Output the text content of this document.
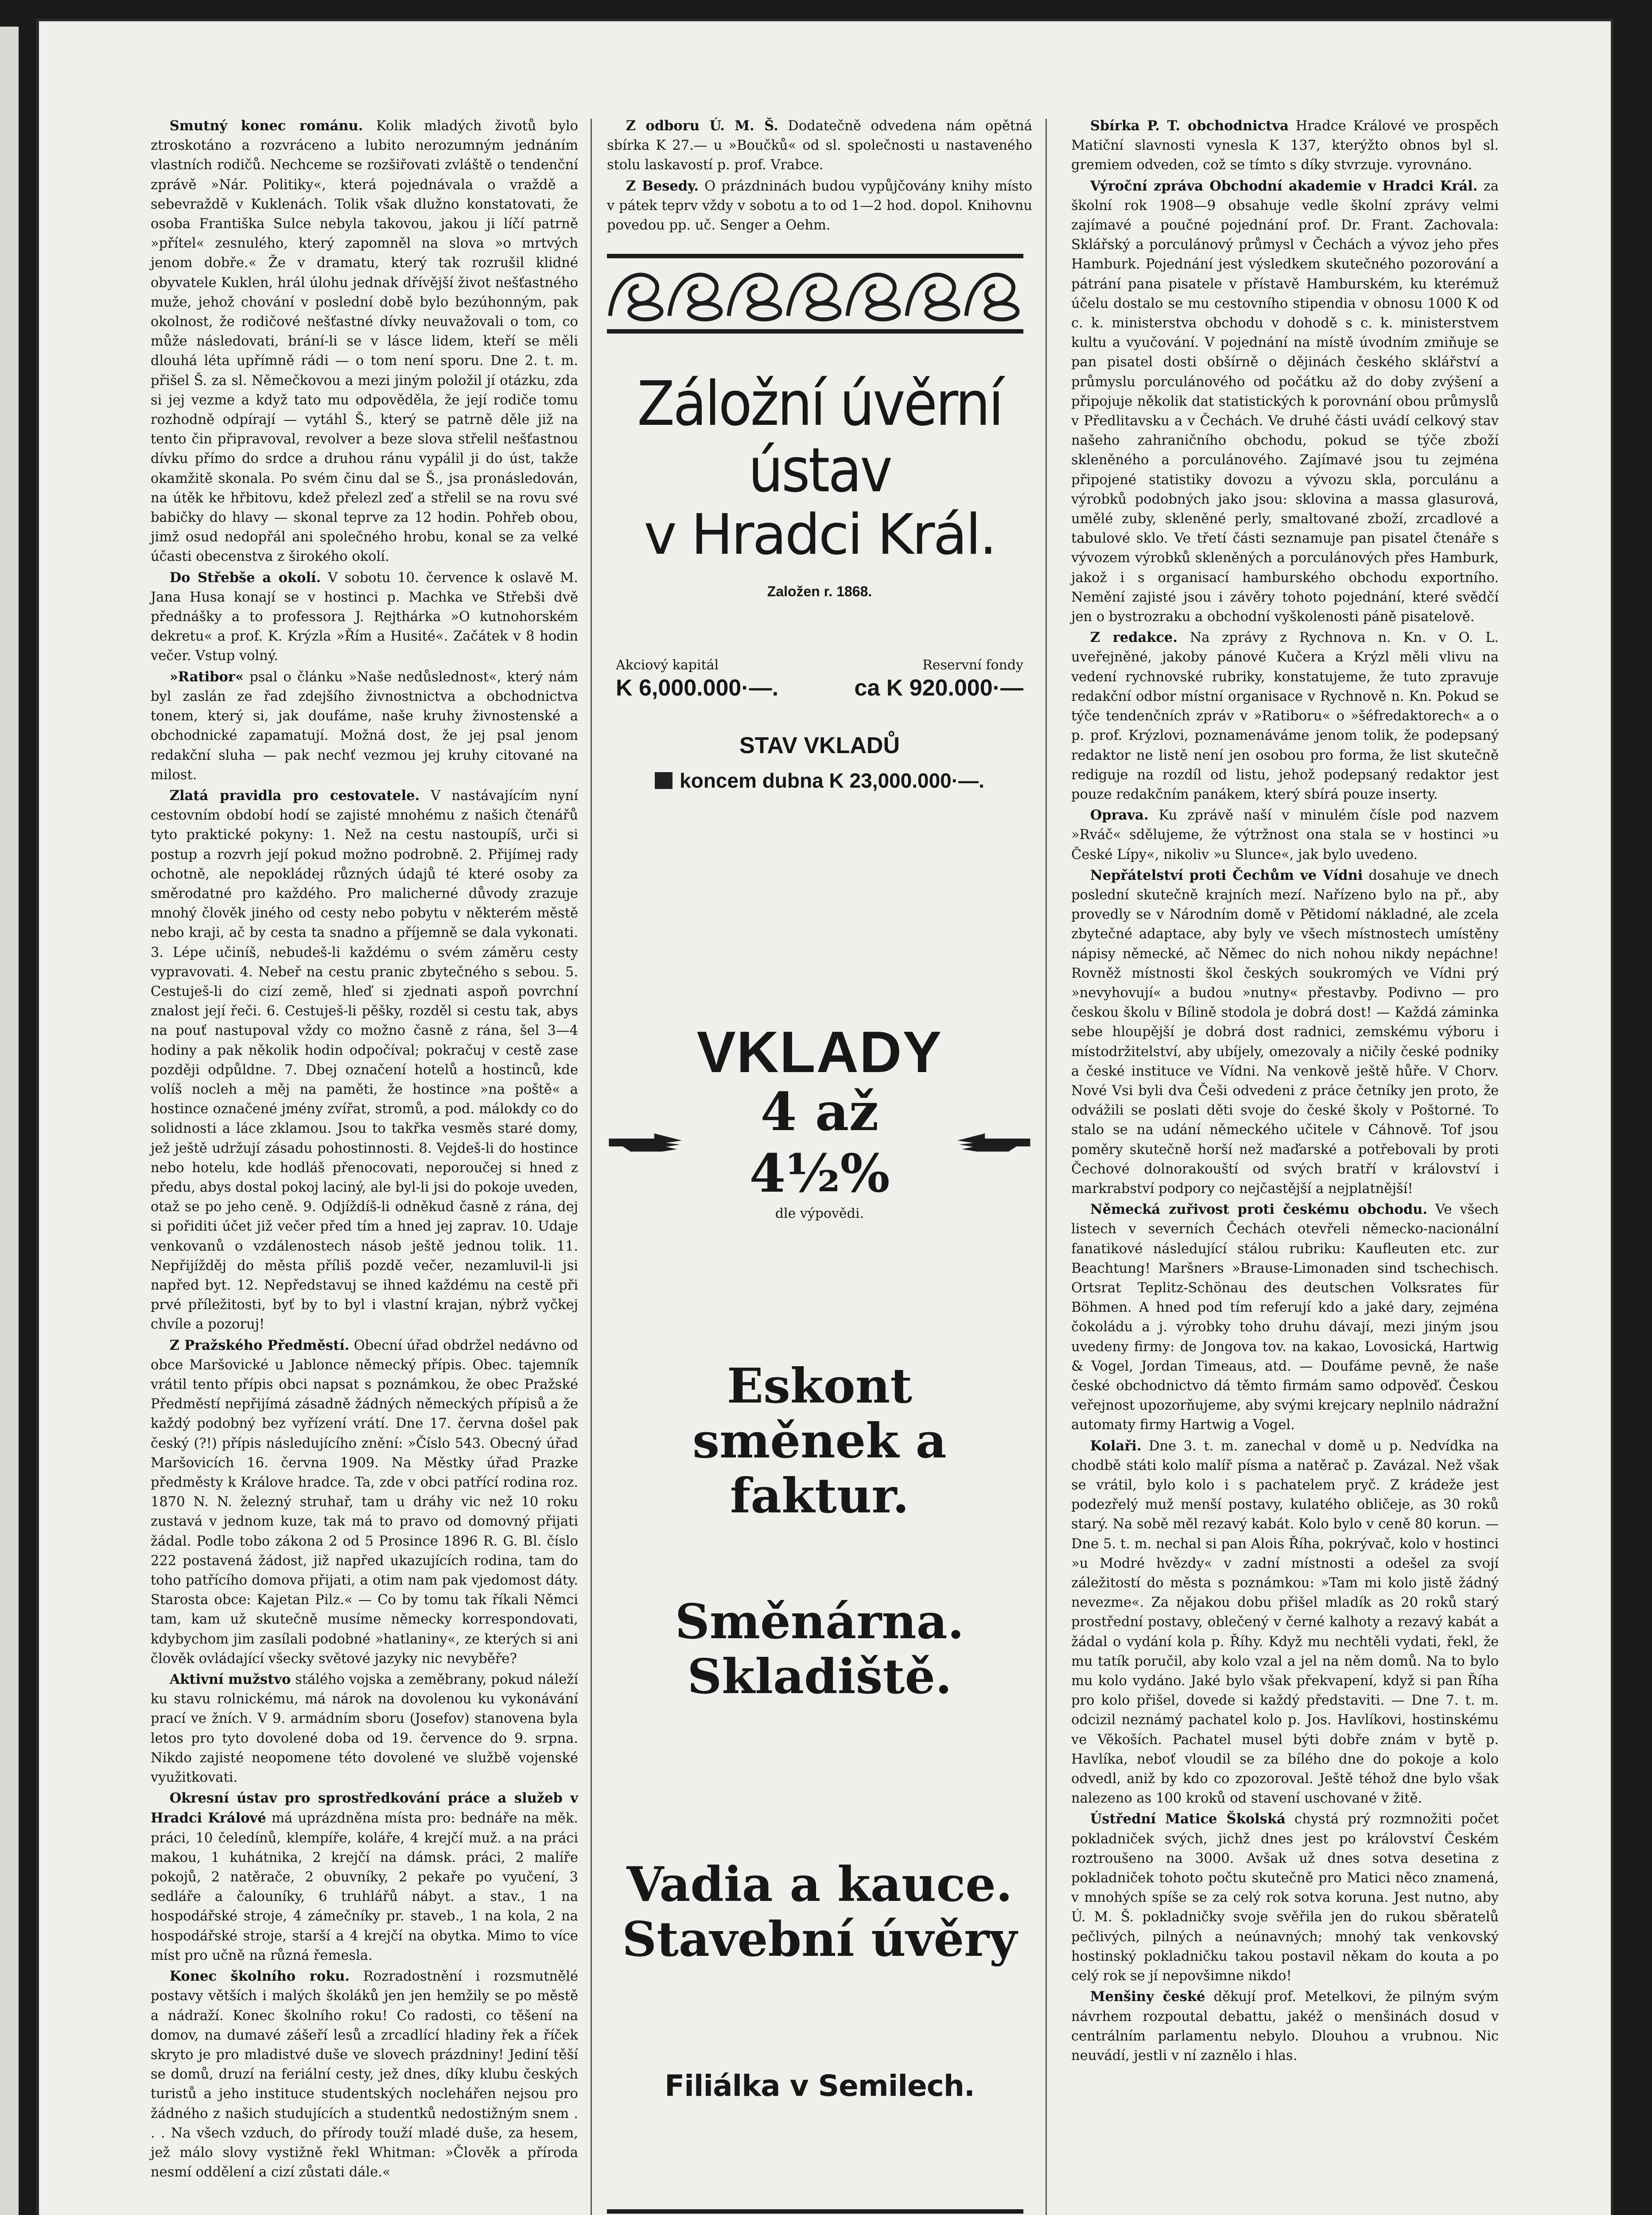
Smutný konec románu. Kolik mladých životů bylo ztroskotáno a rozvráceno a lubito nerozumným jednáním vlastních rodičů. Nechceme se rozšiřovati zvláště o tendenční zprávě »Nár. Politiky«, která pojednávala o vraždě a sebevraždě v Kuklenách. Tolik však dlužno konstatovati, že osoba Františka Sulce nebyla takovou, jakou ji líčí patrně »přítel« zesnulého, který zapomněl na slova »o mrtvých jenom dobře.« Že v dramatu, který tak rozrušil klidné obyvatele Kuklen, hrál úlohu jednak dřívější život nešťastného muže, jehož chování v poslední době bylo bezúhonným, pak okolnost, že rodičové nešťastné dívky neuvažovali o tom, co může následovati, brání-li se v lásce lidem, kteří se měli dlouhá léta upřímně rádi — o tom není sporu. Dne 2. t. m. přišel Š. za sl. Němečkovou a mezi jiným položil jí otázku, zda si jej vezme a když tato mu odpověděla, že její rodiče tomu rozhodně odpírají — vytáhl Š., který se patrně děle již na tento čin připravoval, revolver a beze slova střelil nešťastnou dívku přímo do srdce a druhou ránu vypálil ji do úst, takže okamžitě skonala. Po svém činu dal se Š., jsa pronásledován, na útěk ke hřbitovu, kdež přelezl zeď a střelil se na rovu své babičky do hlavy — skonal teprve za 12 hodin. Pohřeb obou, jimž osud nedopřál ani společného hrobu, konal se za velké účasti obecenstva z širokého okolí.

Do Střebše a okolí. V sobotu 10. července k oslavě M. Jana Husa konají se v hostinci p. Machka ve Střebši dvě přednášky a to professora J. Rejthárka »O kutnohorském dekretu« a prof. K. Krýzla »Řím a Husité«. Začátek v 8 hodin večer. Vstup volný.

»Ratibor« psal o článku »Naše nedůslednost«, který nám byl zaslán ze řad zdejšího živnostnictva a obchodnictva tonem, který si, jak doufáme, naše kruhy živnostenské a obchodnické zapamatují. Možná dost, že jej psal jenom redakční sluha — pak nechť vezmou jej kruhy citované na milost.

Zlatá pravidla pro cestovatele. V nastávajícím nyní cestovním období hodí se zajisté mnohému z našich čtenářů tyto praktické pokyny: 1. Než na cestu nastoupíš, urči si postup a rozvrh její pokud možno podrobně. 2. Přijímej rady ochotně, ale nepokládej různých údajů té které osoby za směrodatné pro každého. Pro malicherné důvody zrazuje mnohý člověk jiného od cesty nebo pobytu v některém městě nebo kraji, ač by cesta ta snadno a příjemně se dala vykonati. 3. Lépe učiníš, nebudeš-li každému o svém záměru cesty vypravovati. 4. Nebeř na cestu pranic zbytečného s sebou. 5. Cestuješ-li do cizí země, hleď si zjednati aspoň povrchní znalost její řeči. 6. Cestuješ-li pěšky, rozděl si cestu tak, abys na pouť nastupoval vždy co možno časně z rána, šel 3—4 hodiny a pak několik hodin odpočíval; pokračuj v cestě zase později odpůldne. 7. Dbej označení hotelů a hostinců, kde volíš nocleh a měj na paměti, že hostince »na poště« a hostince označené jmény zvířat, stromů, a pod. málokdy co do solidnosti a láce zklamou. Jsou to takřka vesměs staré domy, jež ještě udržují zásadu pohostinnosti. 8. Vejdeš-li do hostince nebo hotelu, kde hodláš přenocovati, neporoučej si hned z předu, abys dostal pokoj laciný, ale byl-li jsi do pokoje uveden, otaž se po jeho ceně. 9. Odjíždíš-li odněkud časně z rána, dej si pořiditi účet již večer před tím a hned jej zaprav. 10. Udaje venkovanů o vzdálenostech násob ještě jednou tolik. 11. Nepřijížděj do města příliš pozdě večer, nezamluvil-li jsi napřed byt. 12. Nepředstavuj se ihned každému na cestě při prvé příležitosti, byť by to byl i vlastní krajan, nýbrž vyčkej chvíle a pozoruj!

Z Pražského Předměstí. Obecní úřad obdržel nedávno od obce Maršovické u Jablonce německý přípis. Obec. tajemník vrátil tento přípis obci napsat s poznámkou, že obec Pražské Předměstí nepřijímá zásadně žádných německých přípisů a že každý podobný bez vyřízení vrátí. Dne 17. června došel pak český (?!) přípis následujícího znění: »Číslo 543. Obecný úřad Maršovicích 16. června 1909. Na Městky úřad Prazke předměsty k Králove hradce. Ta, zde v obci patřící rodina roz. 1870 N. N. železný struhař, tam u dráhy vic než 10 roku zustavá v jednom kuze, tak má to pravo od domovný přijati žádal. Podle tobo zákona 2 od 5 Prosince 1896 R. G. Bl. číslo 222 postavená žádost, již napřed ukazujících rodina, tam do toho patřícího domova přijati, a otim nam pak vjedomost dáty. Starosta obce: Kajetan Pilz.« — Co by tomu tak říkali Němci tam, kam už skutečně musíme německy korrespondovati, kdybychom jim zasílali podobné »hatlaniny«, ze kterých si ani člověk ovládající všecky světové jazyky nic nevyběře?

Aktivní mužstvo stálého vojska a zeměbrany, pokud náleží ku stavu rolnickému, má nárok na dovolenou ku vykonávání prací ve žních. V 9. armádním sboru (Josefov) stanovena byla letos pro tyto dovolené doba od 19. července do 9. srpna. Nikdo zajisté neopomene této dovolené ve službě vojenské využitkovati.

Okresní ústav pro sprostředkování práce a služeb v Hradci Králové má uprázdněna místa pro: bednáře na měk. práci, 10 čeledínů, klempíře, koláře, 4 krejčí muž. a na práci makou, 1 kuhátnika, 2 krejčí na dámsk. práci, 2 malíře pokojů, 2 natěrače, 2 obuvníky, 2 pekaře po vyučení, 3 sedláře a čalouníky, 6 truhlářů nábyt. a stav., 1 na hospodářské stroje, 4 zámečníky pr. staveb., 1 na kola, 2 na hospodářské stroje, starší a 4 krejčí na obytka. Mimo to více míst pro učně na různá řemesla.

Konec školního roku. Rozradostnění i rozsmutnělé postavy větších i malých školáků jen jen hemžily se po městě a nádraží. Konec školního roku! Co radosti, co těšení na domov, na dumavé zášeří lesů a zrcadlící hladiny řek a říček skryto je pro mladistvé duše ve slovech prázdniny! Jediní těší se domů, druzí na feriální cesty, jež dnes, díky klubu českých turistů a jeho instituce studentských noclehářen nejsou pro žádného z našich studujících a studentků nedostižným snem . . . Na všech vzduch, do přírody touží mladé duše, za hesem, jež málo slovy vystižně řekl Whitman: »Člověk a příroda nesmí oddělení a cizí zůstati dále.«

Z odboru Ú. M. Š. Dodatečně odvedena nám opětná sbírka K 27.— u »Boučků« od sl. společnosti u nastaveného stolu laskavostí p. prof. Vrabce.

Z Besedy. O prázdninách budou vypůjčovány knihy místo v pátek teprv vždy v sobotu a to od 1—2 hod. dopol. Knihovnu povedou pp. uč. Senger a Oehm.

Záložní úvěrní ústav
v Hradci Král.
Založen r. 1868.
Akciový kapitál	Reservní fondy
K 6,000.000·—.	ca K 920.000·—
STAV VKLADŮ
koncem dubna K 23,000.000·—.
VKLADY
4 až 4½%
dle výpovědi.
Eskont
směnek a faktur.
Směnárna.
Skladiště.
Vadia a kauce.
Stavební úvěry
Filiálka v Semilech.

Sbírka P. T. obchodnictva Hradce Králové ve prospěch Matiční slavnosti vynesla K 137, kterýžto obnos byl sl. gremiem odveden, což se tímto s díky stvrzuje. vyrovnáno.

Výroční zpráva Obchodní akademie v Hradci Král. za školní rok 1908—9 obsahuje vedle školní zprávy velmi zajímavé a poučné pojednání prof. Dr. Frant. Zachovala: Sklářský a porculánový průmysl v Čechách a vývoz jeho přes Hamburk. Pojednání jest výsledkem skutečného pozorování a pátrání pana pisatele v přístavě Hamburském, ku kterémuž účelu dostalo se mu cestovního stipendia v obnosu 1000 K od c. k. ministerstva obchodu v dohodě s c. k. ministerstvem kultu a vyučování. V pojednání na místě úvodním zmiňuje se pan pisatel dosti obšírně o dějinách českého sklářství a průmyslu porculánového od počátku až do doby zvýšení a připojuje několik dat statistických k porovnání obou průmyslů v Předlitavsku a v Čechách. Ve druhé části uvádí celkový stav našeho zahraničního obchodu, pokud se týče zboží skleněného a porculánového. Zajímavé jsou tu zejména připojené statistiky dovozu a vývozu skla, porculánu a výrobků podobných jako jsou: sklovina a massa glasurová, umělé zuby, skleněné perly, smaltované zboží, zrcadlové a tabulové sklo. Ve třetí části seznamuje pan pisatel čtenáře s vývozem výrobků skleněných a porculánových přes Hamburk, jakož i s organisací hamburského obchodu exportního. Nemění zajisté jsou i závěry tohoto pojednání, které svědčí jen o bystrozraku a obchodní vyškolenosti páně pisatelově.

Z redakce. Na zprávy z Rychnova n. Kn. v O. L. uveřejněné, jakoby pánové Kučera a Krýzl měli vlivu na vedení rychnovské rubriky, konstatujeme, že tuto zpravuje redakční odbor místní organisace v Rychnově n. Kn. Pokud se týče tendenčních zpráv v »Ratiboru« o »šéfredaktorech« a o p. prof. Krýzlovi, poznamenáváme jenom tolik, že podepsaný redaktor ne listě není jen osobou pro forma, že list skutečně rediguje na rozdíl od listu, jehož podepsaný redaktor jest pouze redakčním panákem, který sbírá pouze inserty.

Oprava. Ku zprávě naší v minulém čísle pod nazvem »Rváč« sdělujeme, že výtržnost ona stala se v hostinci »u České Lípy«, nikoliv »u Slunce«, jak bylo uvedeno.

Nepřátelství proti Čechům ve Vídni dosahuje ve dnech poslední skutečně krajních mezí. Nařízeno bylo na př., aby provedly se v Národním domě v Pětidomí nákladné, ale zcela zbytečné adaptace, aby byly ve všech místnostech umístěny nápisy německé, ač Němec do nich nohou nikdy nepáchne! Rovněž místnosti škol českých soukromých ve Vídni prý »nevyhovují« a budou »nutny« přestavby. Podivno — pro českou školu v Bílině stodola je dobrá dost! — Každá záminka sebe hloupější je dobrá dost radnici, zemskému výboru i místodržitelství, aby ubíjely, omezovaly a ničily české podniky a české instituce ve Vídni. Na venkově ještě hůře. V Chorv. Nové Vsi byli dva Češi odvedeni z práce četníky jen proto, že odvážili se poslati děti svoje do české školy v Poštorné. To stalo se na udání německého učitele v Cáhnově. Tof jsou poměry skutečně horší než maďarské a potřebovali by proti Čechové dolnorakouští od svých bratří v království i markrabství podpory co nejčastější a nejplatnější!

Německá zuřivost proti českému obchodu. Ve všech listech v severních Čechách otevřeli německo-nacionální fanatikové následující stálou rubriku: Kaufleuten etc. zur Beachtung! Maršners »Brause-Limonaden sind tschechisch. Ortsrat Teplitz-Schönau des deutschen Volksrates für Böhmen. A hned pod tím referují kdo a jaké dary, zejména čokoládu a j. výrobky toho druhu dávají, mezi jiným jsou uvedeny firmy: de Jongova tov. na kakao, Lovosická, Hartwig & Vogel, Jordan Timeaus, atd. — Doufáme pevně, že naše české obchodnictvo dá těmto firmám samo odpověď. Českou veřejnost upozorňujeme, aby svými krejcary neplnilo nádražní automaty firmy Hartwig a Vogel.

Kolaři. Dne 3. t. m. zanechal v domě u p. Nedvídka na chodbě státi kolo malíř písma a natěrač p. Zavázal. Než však se vrátil, bylo kolo i s pachatelem pryč. Z krádeže jest podezřelý muž menší postavy, kulatého obličeje, as 30 roků starý. Na sobě měl rezavý kabát. Kolo bylo v ceně 80 korun. — Dne 5. t. m. nechal si pan Alois Říha, pokrývač, kolo v hostinci »u Modré hvězdy« v zadní místnosti a odešel za svojí záležitostí do města s poznámkou: »Tam mi kolo jistě žádný nevezme«. Za nějakou dobu přišel mladík as 20 roků starý prostřední postavy, oblečený v černé kalhoty a rezavý kabát a žádal o vydání kola p. Říhy. Když mu nechtěli vydati, řekl, že mu tatík poručil, aby kolo vzal a jel na něm domů. Na to bylo mu kolo vydáno. Jaké bylo však překvapení, když si pan Říha pro kolo přišel, dovede si každý představiti. — Dne 7. t. m. odcizil neznámý pachatel kolo p. Jos. Havlíkovi, hostinskému ve Věkoších. Pachatel musel býti dobře znám v bytě p. Havlíka, neboť vloudil se za bílého dne do pokoje a kolo odvedl, aniž by kdo co zpozoroval. Ještě téhož dne bylo však nalezeno as 100 kroků od stavení uschované v žitě.

Ústřední Matice Školská chystá prý rozmnožiti počet pokladniček svých, jichž dnes jest po království Českém roztroušeno na 3000. Avšak už dnes sotva desetina z pokladniček tohoto počtu skutečně pro Matici něco znamená, v mnohých spíše se za celý rok sotva koruna. Jest nutno, aby Ú. M. Š. pokladničky svoje svěřila jen do rukou sběratelů pečlivých, pilných a neúnavných; mnohý tak venkovský hostinský pokladničku takou postavil někam do kouta a po celý rok se jí nepovšimne nikdo!

Menšiny české děkují prof. Metelkovi, že pilným svým návrhem rozpoutal debattu, jakéž o menšinách dosud v centrálním parlamentu nebylo. Dlouhou a vrubnou. Nic neuvádí, jestli v ní zaznělo i hlas.
